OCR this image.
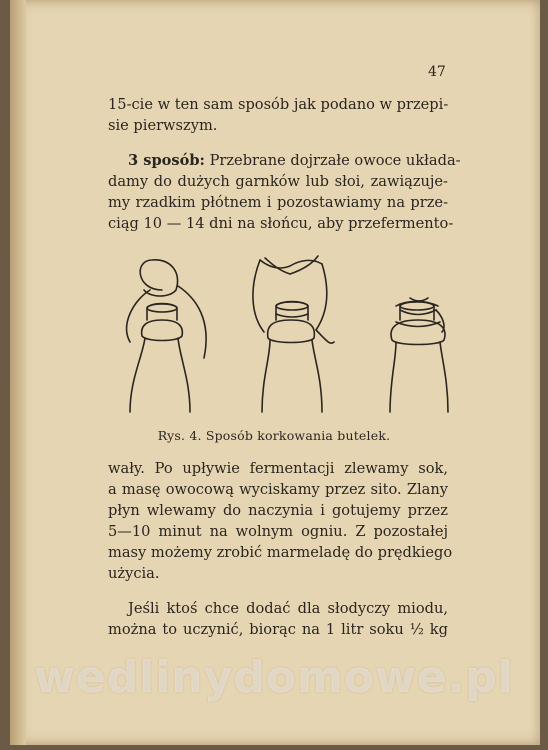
47
15-cie w ten sam sposób jak podano w przepi-
sie pierwszym.
3 sposób: Przebrane dojrzałe owoce układa-
damy do dużych garnków lub słoi, zawiązuje-
my rzadkim płótnem i pozostawiamy na prze-
ciąg 10 — 14 dni na słońcu, aby przefermento-
Rys. 4. Sposób korkowania butelek.
wały. Po upływie fermentacji zlewamy sok,
a masę owocową wyciskamy przez sito. Zlany
płyn wlewamy do naczynia i gotujemy przez
5—10 minut na wolnym ogniu. Z pozostałej
masy możemy zrobić marmeladę do prędkiego
użycia.
Jeśli ktoś chce dodać dla słodyczy miodu,
można to uczynić, biorąc na 1 litr soku ½ kg
wedlinydomowe.pl
